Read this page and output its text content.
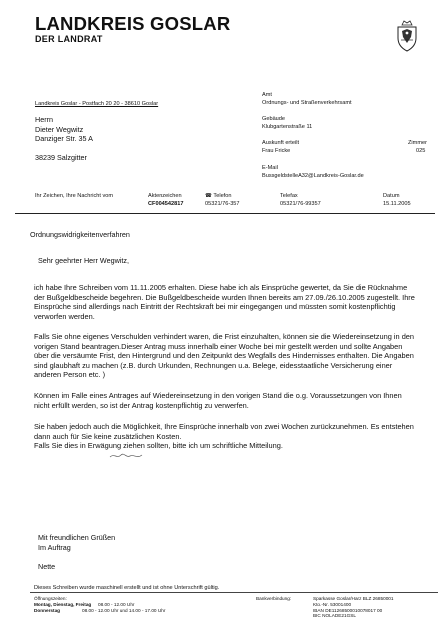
LANDKREIS GOSLAR
DER LANDRAT
Landkreis Goslar - Postfach 20 20 - 38610 Goslar
Herrn
Dieter Wegwitz
Danziger Str. 35 A
38239 Salzgitter
Amt
Ordnungs- und Straßenverkehrsamt
Gebäude
Klubgartenstraße 11
Auskunft erteilt
Frau Fricke
Zimmer
025
E-Mail
BussgeldstelleA32@Landkreis-Goslar.de
Ihr Zeichen, Ihre Nachricht vom	Aktenzeichen
CF004542817
☎ Telefon
05321/76-357
Telefax
05321/76-99357
Datum
15.11.2005
Ordnungswidrigkeitenverfahren
Sehr geehrter Herr Wegwitz,
ich habe Ihre Schreiben vom 11.11.2005 erhalten. Diese habe ich als Einsprüche gewertet, da Sie die Rücknahme der Bußgeldbescheide begehren. Die Bußgeldbescheide wurden Ihnen bereits am 27.09./26.10.2005 zugestellt. Ihre Einsprüche sind allerdings nach Eintritt der Rechtskraft bei mir eingegangen und müssten somit kostenpflichtig verworfen werden.
Falls Sie ohne eigenes Verschulden verhindert waren, die Frist einzuhalten, können sie die Wiedereinsetzung in den vorigen Stand beantragen.Dieser Antrag muss innerhalb einer Woche bei mir gestellt werden und sollte Angaben über die versäumte Frist, den Hintergrund und den Zeitpunkt des Wegfalls des Hindernisses enthalten. Die Angaben sind glaubhaft zu machen (z.B. durch Urkunden, Rechnungen u.a. Belege, eidesstaatliche Versicherung einer anderen Person etc. )
Können im Falle eines Antrages auf Wiedereinsetzung in den vorigen Stand die o.g. Voraussetzungen von Ihnen nicht erfüllt werden, so ist der Antrag kostenpflichtig zu verwerfen.
Sie haben jedoch auch die Möglichkeit, Ihre Einsprüche innerhalb von zwei Wochen zurückzunehmen. Es entstehen dann auch für Sie keine zusätzlichen Kosten.
Falls Sie dies in Erwägung ziehen sollten, bitte ich um schriftliche Mitteilung.
Mit freundlichen Grüßen
Im Auftrag
Nette
Dieses Schreiben wurde maschinell erstellt und ist ohne Unterschrift gültig.
Öffnungszeiten:
Montag, Dienstag, Freitag 08.00 - 12.00 Uhr
Donnerstag	08.00 - 12.00 Uhr und 14.00 - 17.00 Uhr
Bankverbindung:	Sparkasse Goslar/Harz BLZ 26850001
Kto.-Nr. 53001400
IBAN DE11268500010078017 00
BIC NOLADE21GSL
